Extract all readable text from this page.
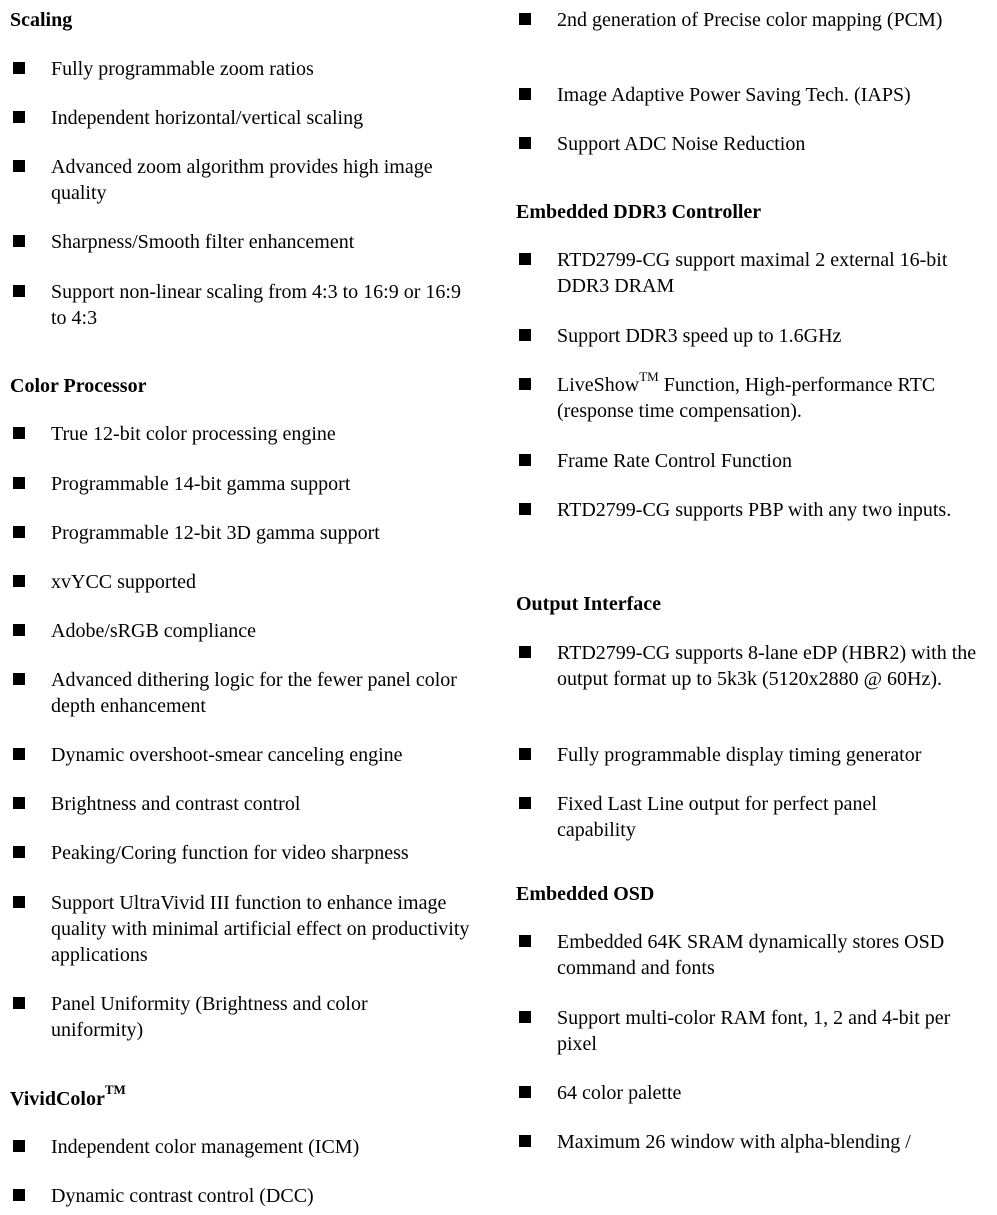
Scaling
Fully programmable zoom ratios
Independent horizontal/vertical scaling
Advanced zoom algorithm provides high image quality
Sharpness/Smooth filter enhancement
Support non-linear scaling from 4:3 to 16:9 or 16:9 to 4:3
Color Processor
True 12-bit color processing engine
Programmable 14-bit gamma support
Programmable 12-bit 3D gamma support
xvYCC supported
Adobe/sRGB compliance
Advanced dithering logic for the fewer panel color depth enhancement
Dynamic overshoot-smear canceling engine
Brightness and contrast control
Peaking/Coring function for video sharpness
Support UltraVivid III function to enhance image quality with minimal artificial effect on productivity applications
Panel Uniformity (Brightness and color uniformity)
VividColor™
Independent color management (ICM)
Dynamic contrast control (DCC)
2nd generation of Precise color mapping (PCM)
Image Adaptive Power Saving Tech. (IAPS)
Support ADC Noise Reduction
Embedded DDR3 Controller
RTD2799-CG support maximal 2 external 16-bit DDR3 DRAM
Support DDR3 speed up to 1.6GHz
LiveShow™ Function, High-performance RTC (response time compensation).
Frame Rate Control Function
RTD2799-CG supports PBP with any two inputs.
Output Interface
RTD2799-CG supports 8-lane eDP (HBR2) with the output format up to 5k3k (5120x2880 @ 60Hz).
Fully programmable display timing generator
Fixed Last Line output for perfect panel capability
Embedded OSD
Embedded 64K SRAM dynamically stores OSD command and fonts
Support multi-color RAM font, 1, 2 and 4-bit per pixel
64 color palette
Maximum 26 window with alpha-blending /
